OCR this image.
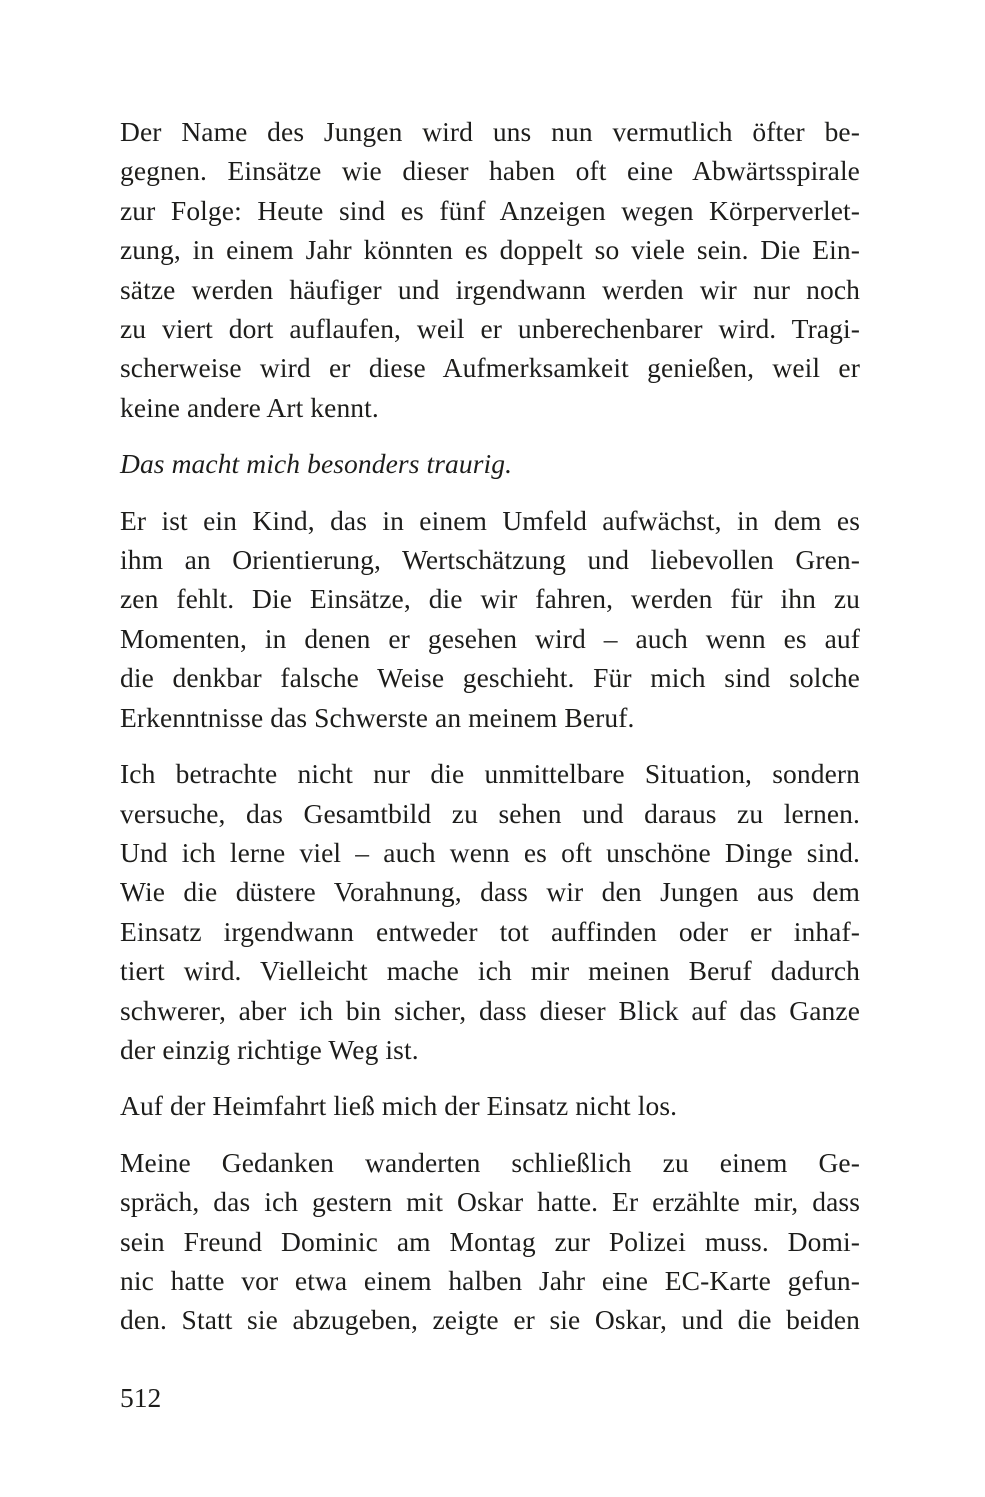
Der Name des Jungen wird uns nun vermutlich öfter be-
gegnen. Einsätze wie dieser haben oft eine Abwärtsspirale
zur Folge: Heute sind es fünf Anzeigen wegen Körperverlet-
zung, in einem Jahr könnten es doppelt so viele sein. Die Ein-
sätze werden häufiger und irgendwann werden wir nur noch
zu viert dort auflaufen, weil er unberechenbarer wird. Tragi-
scherweise wird er diese Aufmerksamkeit genießen, weil er
keine andere Art kennt.
Das macht mich besonders traurig.
Er ist ein Kind, das in einem Umfeld aufwächst, in dem es
ihm an Orientierung, Wertschätzung und liebevollen Gren-
zen fehlt. Die Einsätze, die wir fahren, werden für ihn zu
Momenten, in denen er gesehen wird – auch wenn es auf
die denkbar falsche Weise geschieht. Für mich sind solche
Erkenntnisse das Schwerste an meinem Beruf.
Ich betrachte nicht nur die unmittelbare Situation, sondern
versuche, das Gesamtbild zu sehen und daraus zu lernen.
Und ich lerne viel – auch wenn es oft unschöne Dinge sind.
Wie die düstere Vorahnung, dass wir den Jungen aus dem
Einsatz irgendwann entweder tot auffinden oder er inhaf-
tiert wird. Vielleicht mache ich mir meinen Beruf dadurch
schwerer, aber ich bin sicher, dass dieser Blick auf das Ganze
der einzig richtige Weg ist.
Auf der Heimfahrt ließ mich der Einsatz nicht los.
Meine Gedanken wanderten schließlich zu einem Ge-
spräch, das ich gestern mit Oskar hatte. Er erzählte mir, dass
sein Freund Dominic am Montag zur Polizei muss. Domi-
nic hatte vor etwa einem halben Jahr eine EC-Karte gefun-
den. Statt sie abzugeben, zeigte er sie Oskar, und die beiden
512
